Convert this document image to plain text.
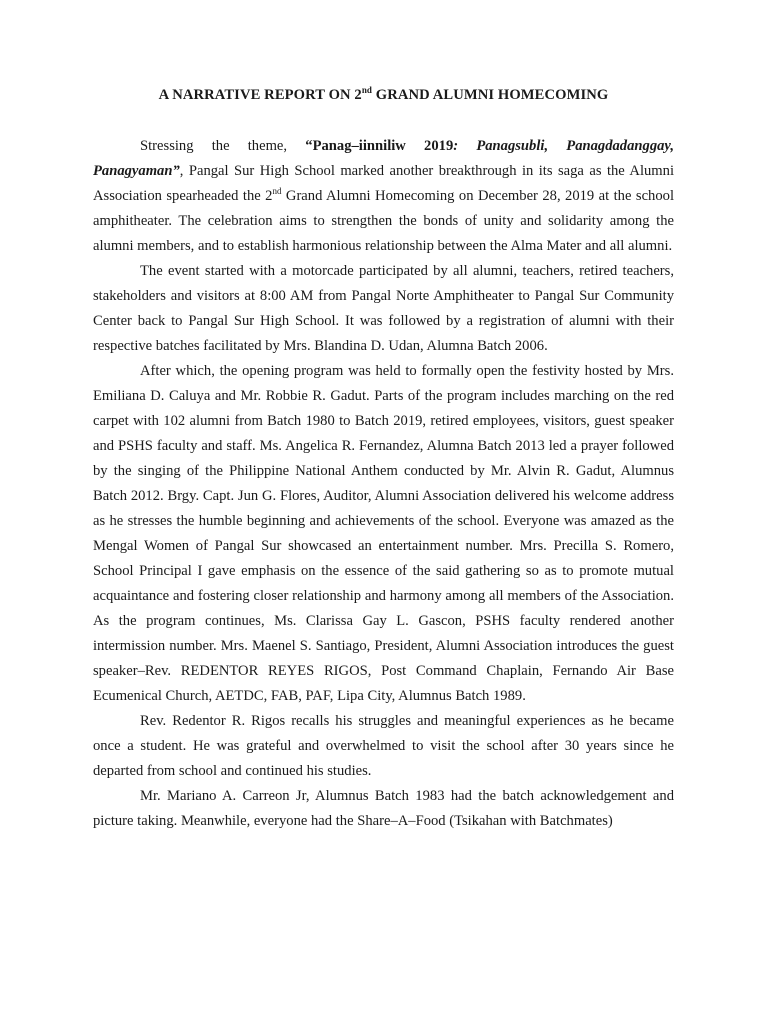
A NARRATIVE REPORT ON 2nd GRAND ALUMNI HOMECOMING

Stressing the theme, “Panag–iinniliw 2019: Panagsubli, Panagdadanggay, Panagyaman”, Pangal Sur High School marked another breakthrough in its saga as the Alumni Association spearheaded the 2nd Grand Alumni Homecoming on December 28, 2019 at the school amphitheater. The celebration aims to strengthen the bonds of unity and solidarity among the alumni members, and to establish harmonious relationship between the Alma Mater and all alumni.

The event started with a motorcade participated by all alumni, teachers, retired teachers, stakeholders and visitors at 8:00 AM from Pangal Norte Amphitheater to Pangal Sur Community Center back to Pangal Sur High School. It was followed by a registration of alumni with their respective batches facilitated by Mrs. Blandina D. Udan, Alumna Batch 2006.

After which, the opening program was held to formally open the festivity hosted by Mrs. Emiliana D. Caluya and Mr. Robbie R. Gadut. Parts of the program includes marching on the red carpet with 102 alumni from Batch 1980 to Batch 2019, retired employees, visitors, guest speaker and PSHS faculty and staff. Ms. Angelica R. Fernandez, Alumna Batch 2013 led a prayer followed by the singing of the Philippine National Anthem conducted by Mr. Alvin R. Gadut, Alumnus Batch 2012. Brgy. Capt. Jun G. Flores, Auditor, Alumni Association delivered his welcome address as he stresses the humble beginning and achievements of the school. Everyone was amazed as the Mengal Women of Pangal Sur showcased an entertainment number. Mrs. Precilla S. Romero, School Principal I gave emphasis on the essence of the said gathering so as to promote mutual acquaintance and fostering closer relationship and harmony among all members of the Association. As the program continues, Ms. Clarissa Gay L. Gascon, PSHS faculty rendered another intermission number. Mrs. Maenel S. Santiago, President, Alumni Association introduces the guest speaker–Rev. REDENTOR REYES RIGOS, Post Command Chaplain, Fernando Air Base Ecumenical Church, AETDC, FAB, PAF, Lipa City, Alumnus Batch 1989.

Rev. Redentor R. Rigos recalls his struggles and meaningful experiences as he became once a student. He was grateful and overwhelmed to visit the school after 30 years since he departed from school and continued his studies.

Mr. Mariano A. Carreon Jr, Alumnus Batch 1983 had the batch acknowledgement and picture taking. Meanwhile, everyone had the Share–A–Food (Tsikahan with Batchmates)
